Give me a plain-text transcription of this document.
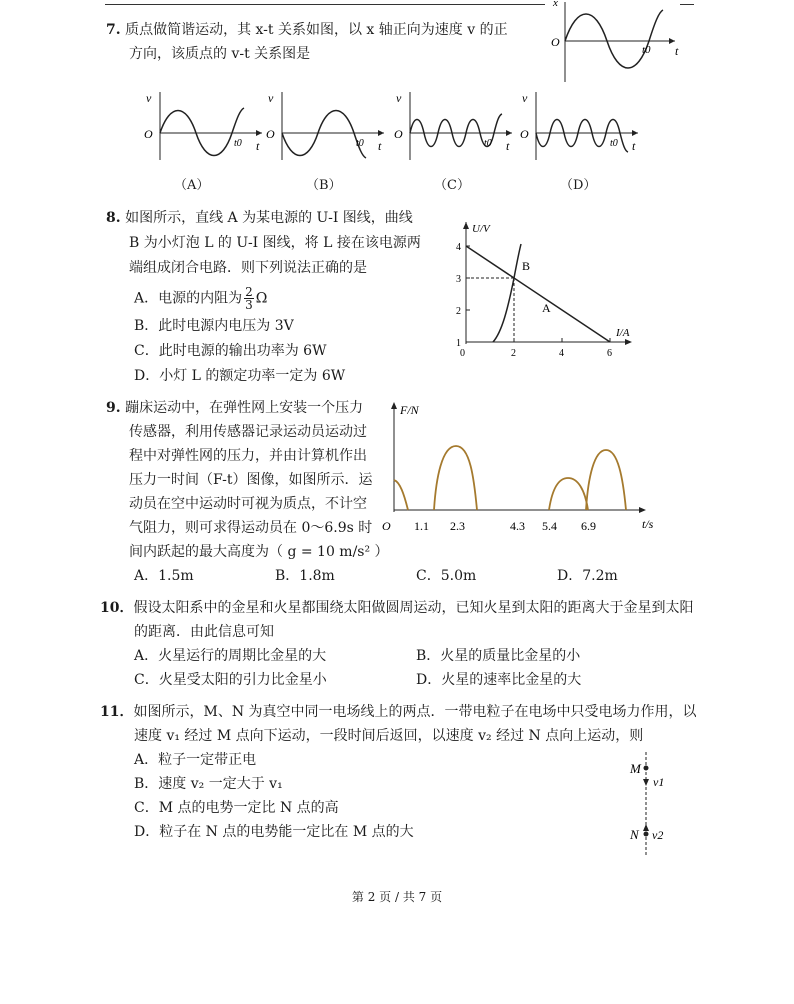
7. 质点做简谐运动，其 x-t 关系如图，以 x 轴正向为速度 v 的正
方向，该质点的 v-t 关系图是
x
O
t0 t
v
O
t0 t
v
O
t0 t
v
O
t0 t
v
O
t0 t
（A）	（B）	（C）	（D）
8. 如图所示，直线 A 为某电源的 U-I 图线，曲线
B 为小灯泡 L 的 U-I 图线，将 L 接在该电源两
端组成闭合电路．则下列说法正确的是
A．电源的内阻为 $\frac{2}{3}$ Ω
B．此时电源内电压为 3V
C．此时电源的输出功率为 6W
D．小灯 L 的额定功率一定为 6W
U/V
I/A
0
1
2
3
4
2	4	6
A
B
9. 蹦床运动中，在弹性网上安装一个压力
传感器，利用传感器记录运动员运动过
程中对弹性网的压力，并由计算机作出
压力一时间（F-t）图像，如图所示．运
动员在空中运动时可视为质点，不计空
气阻力，则可求得运动员在 0～6.9s 时
间内跃起的最大高度为（ g = 10 m/s² ）
F/N
O 1.1 2.3	4.3 5.4 6.9	t/s
A．1.5m	B．1.8m	C．5.0m	D．7.2m
10．假设太阳系中的金星和火星都围绕太阳做圆周运动，已知火星到太阳的距离大于金星到太阳
的距离．由此信息可知
A．火星运行的周期比金星的大	B．火星的质量比金星的小
C．火星受太阳的引力比金星小	D．火星的速率比金星的大
11．如图所示，M、N 为真空中同一电场线上的两点．一带电粒子在电场中只受电场力作用，以
速度 v₁ 经过 M 点向下运动，一段时间后返回，以速度 v₂ 经过 N 点向上运动，则
A．粒子一定带正电
B．速度 v₂ 一定大于 v₁
C．M 点的电势一定比 N 点的高
D．粒子在 N 点的电势能一定比在 M 点的大
M
v1
N v2
第 2 页 / 共 7 页
